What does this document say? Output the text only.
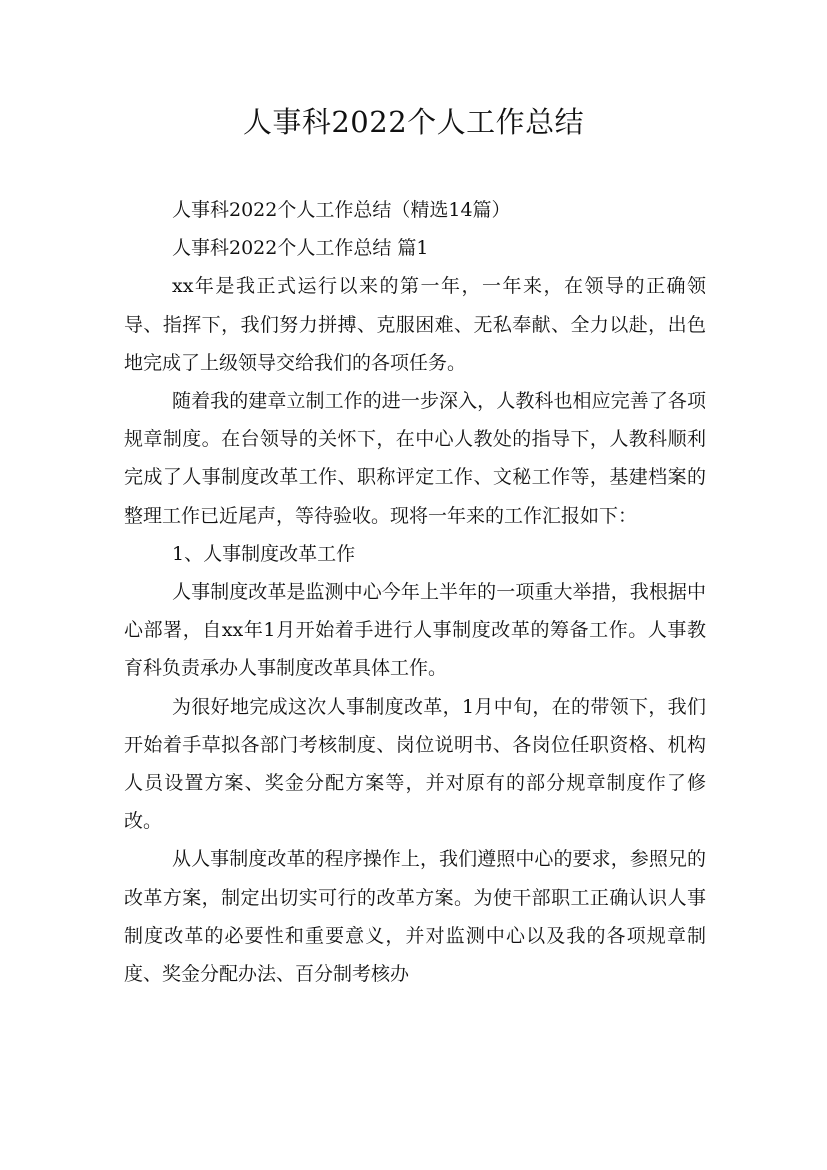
人事科2022个人工作总结

人事科2022个人工作总结（精选14篇）

人事科2022个人工作总结 篇1

xx年是我正式运行以来的第一年，一年来，在领导的正确领导、指挥下，我们努力拼搏、克服困难、无私奉献、全力以赴，出色地完成了上级领导交给我们的各项任务。

随着我的建章立制工作的进一步深入，人教科也相应完善了各项规章制度。在台领导的关怀下，在中心人教处的指导下，人教科顺利完成了人事制度改革工作、职称评定工作、文秘工作等，基建档案的整理工作已近尾声，等待验收。现将一年来的工作汇报如下：

1、人事制度改革工作

人事制度改革是监测中心今年上半年的一项重大举措，我根据中心部署，自xx年1月开始着手进行人事制度改革的筹备工作。人事教育科负责承办人事制度改革具体工作。

为很好地完成这次人事制度改革，1月中旬，在的带领下，我们开始着手草拟各部门考核制度、岗位说明书、各岗位任职资格、机构人员设置方案、奖金分配方案等，并对原有的部分规章制度作了修改。

从人事制度改革的程序操作上，我们遵照中心的要求，参照兄的改革方案，制定出切实可行的改革方案。为使干部职工正确认识人事制度改革的必要性和重要意义，并对监测中心以及我的各项规章制度、奖金分配办法、百分制考核办
